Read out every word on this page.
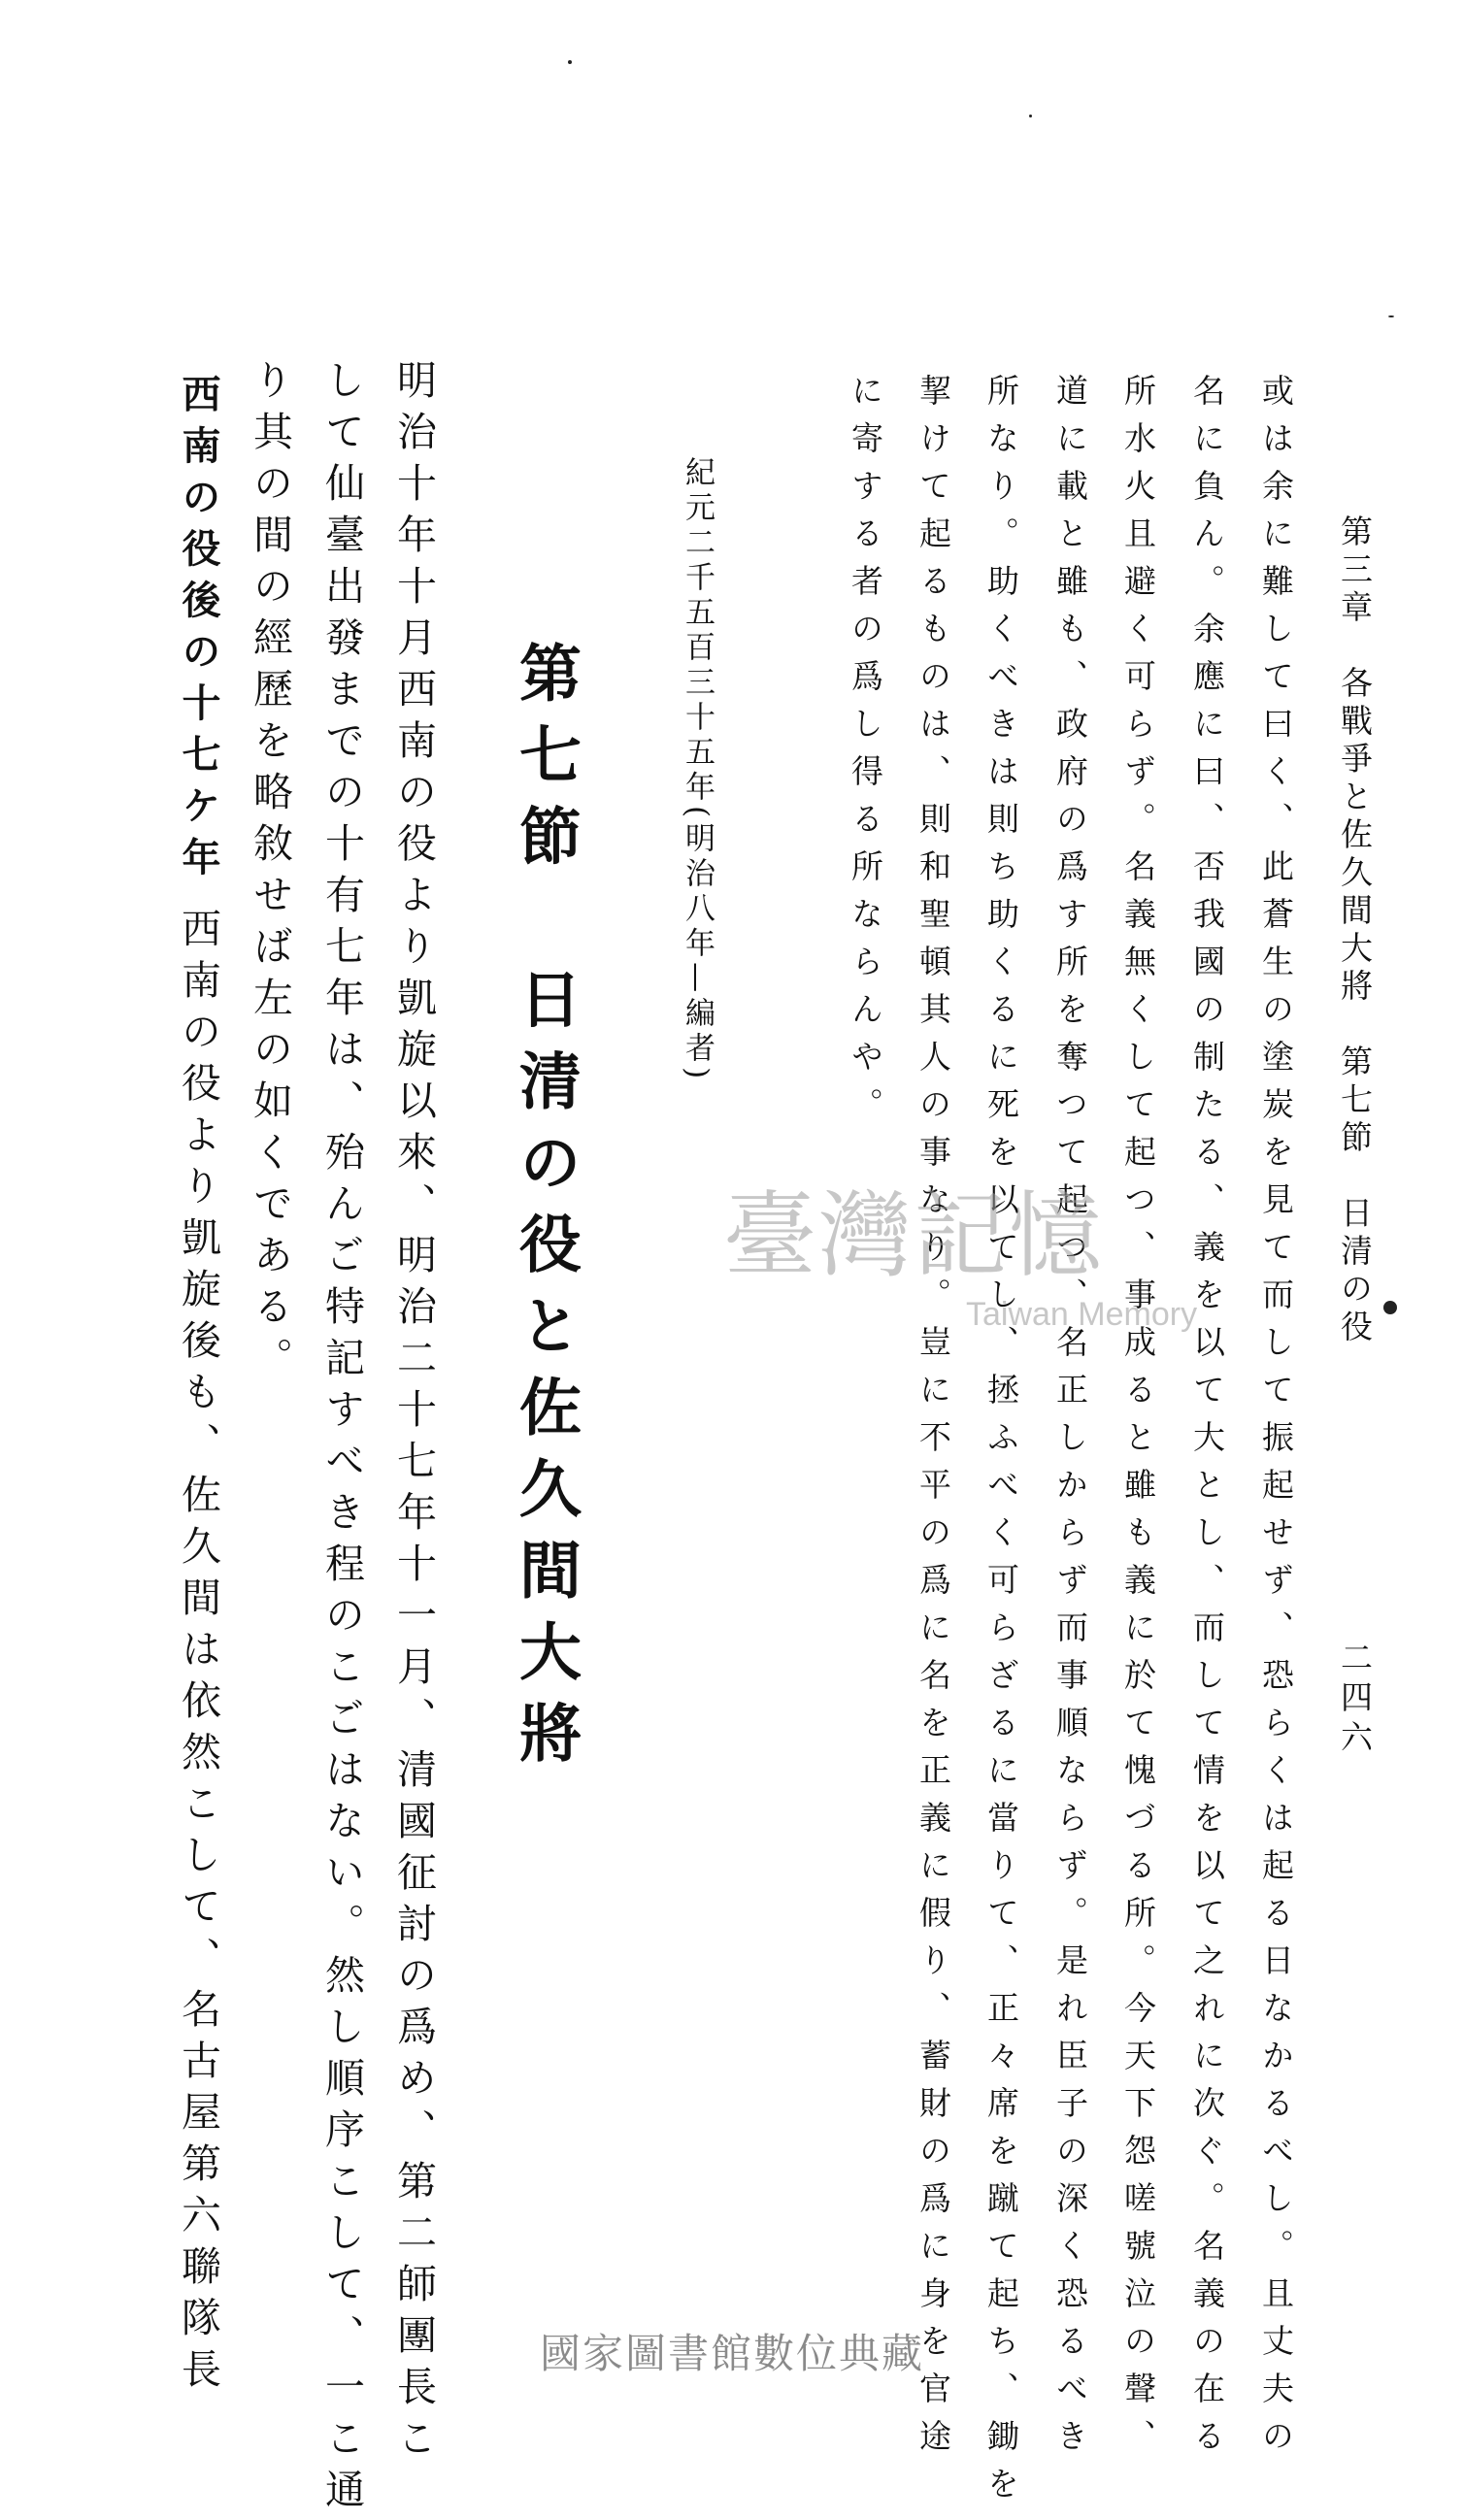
第三章　各戰爭と佐久間大將　第七節　日清の役
二四六
或は余に難して曰く、此蒼生の塗炭を見て而して振起せず、恐らくは起る日なかるべし。且丈夫の
名に負ん。余應に曰、否我國の制たる、義を以て大とし、而して情を以て之れに次ぐ。名義の在る
所水火且避く可らず。名義無くして起つ、事成ると雖も義に於て愧づる所。今天下怨嗟號泣の聲、
道に載と雖も、政府の爲す所を奪つて起つ、名正しからず而事順ならず。是れ臣子の深く恐るべき
所なり。助くべきは則ち助くるに死を以てし、拯ふべく可らざるに當りて、正々席を蹴て起ち、鋤を
挈けて起るものは、則和聖頓其人の事なり。豈に不平の爲に名を正義に假り、蓄財の爲に身を官途
に寄する者の爲し得る所ならんや。
紀元二千五百三十五年(明治八年—編者)
第七節　日清の役と佐久間大將
明治十年十月西南の役より凱旋以來、明治二十七年十一月、清國征討の爲め、第二師團長こ
して仙臺出發までの十有七年は、殆んご特記すべき程のこごはない。然し順序こして、一こ通
り其の間の經歷を略敘せば左の如くである。
西南の役後の十七ケ年
西南の役より凱旋後も、佐久間は依然こして、名古屋第六聯隊長	臺灣記憶
Taiwan Memory
國家圖書館數位典藏
